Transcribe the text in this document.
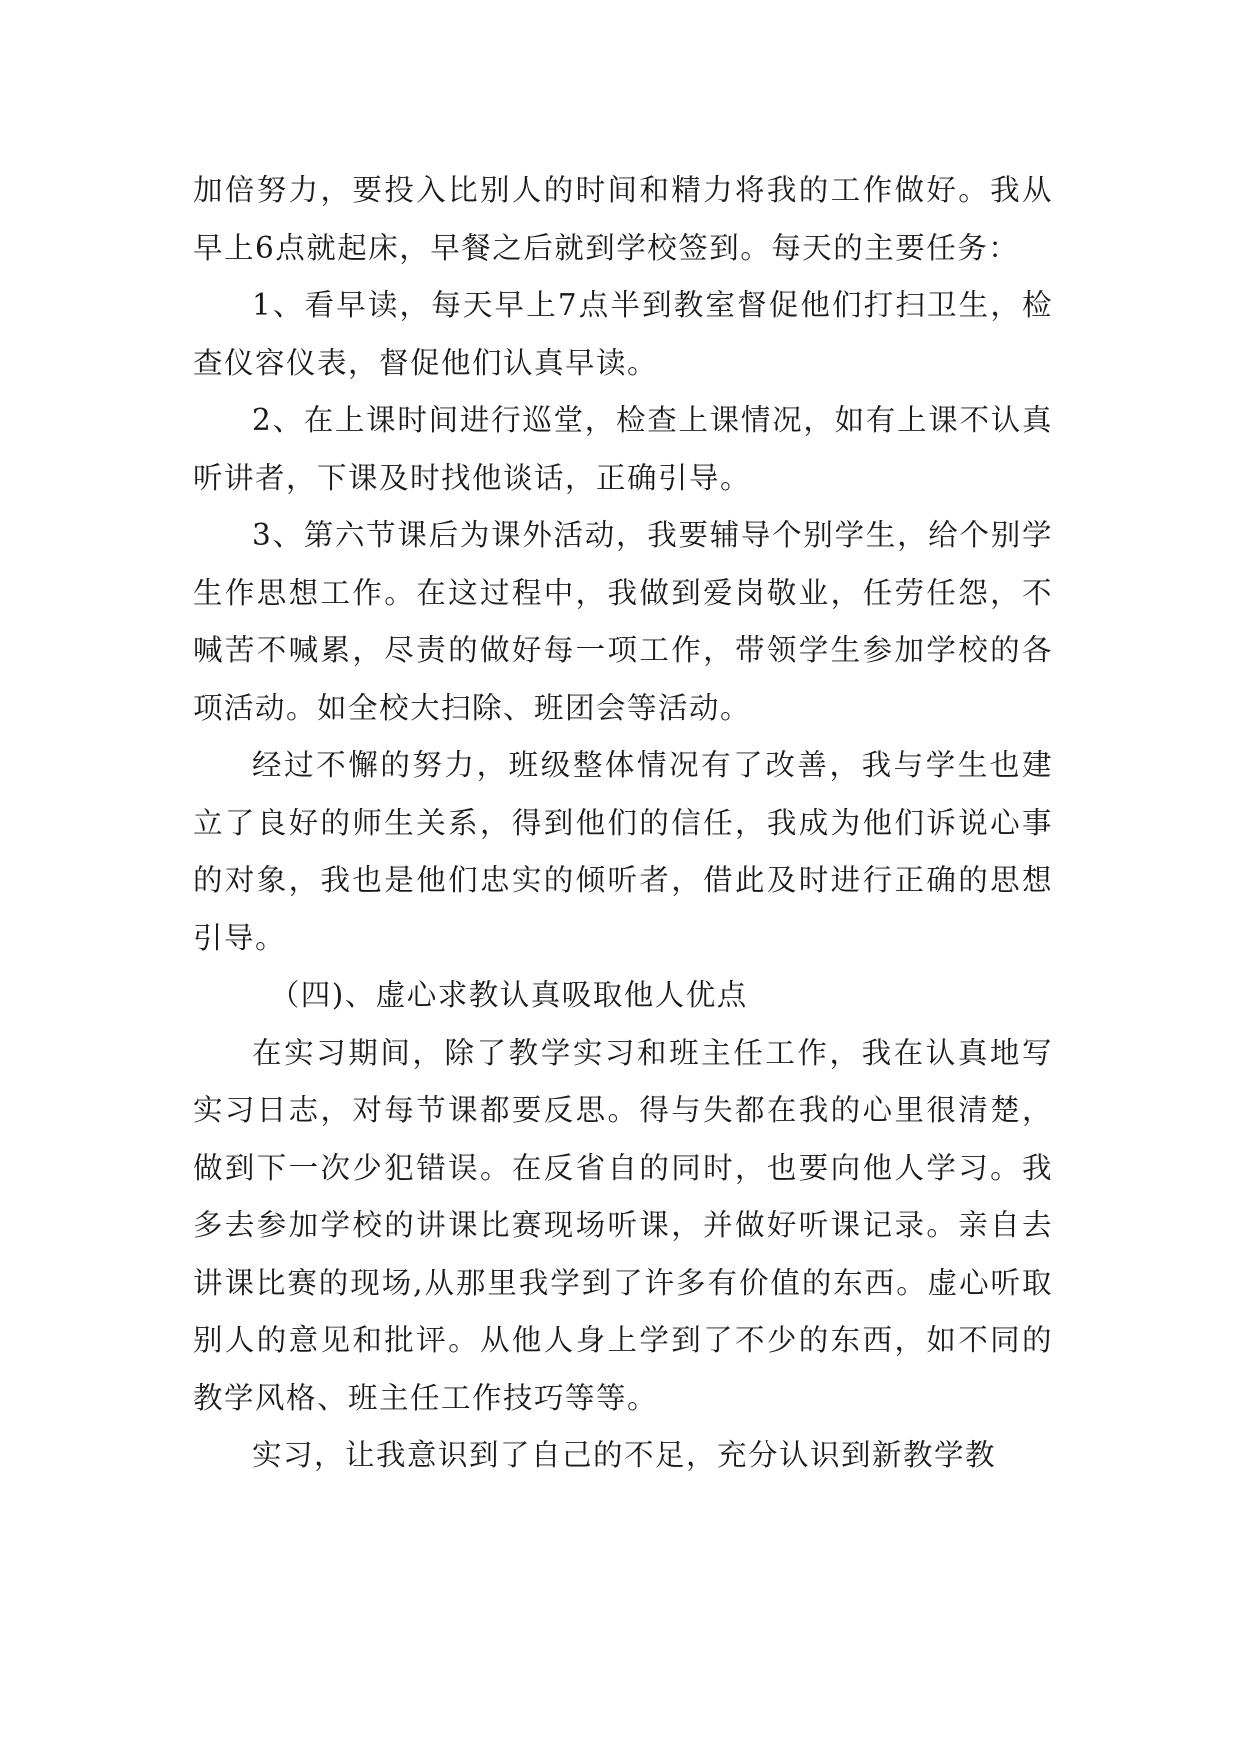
加倍努力，要投入比别人的时间和精力将我的工作做好。我从早上6点就起床，早餐之后就到学校签到。每天的主要任务：

1、看早读，每天早上7点半到教室督促他们打扫卫生，检查仪容仪表，督促他们认真早读。

2、在上课时间进行巡堂，检查上课情况，如有上课不认真听讲者，下课及时找他谈话，正确引导。

3、第六节课后为课外活动，我要辅导个别学生，给个别学生作思想工作。在这过程中，我做到爱岗敬业，任劳任怨，不喊苦不喊累，尽责的做好每一项工作，带领学生参加学校的各项活动。如全校大扫除、班团会等活动。

经过不懈的努力，班级整体情况有了改善，我与学生也建立了良好的师生关系，得到他们的信任，我成为他们诉说心事的对象，我也是他们忠实的倾听者，借此及时进行正确的思想引导。

（四)、虚心求教认真吸取他人优点

在实习期间，除了教学实习和班主任工作，我在认真地写实习日志，对每节课都要反思。得与失都在我的心里很清楚，做到下一次少犯错误。在反省自的同时，也要向他人学习。我多去参加学校的讲课比赛现场听课，并做好听课记录。亲自去讲课比赛的现场,从那里我学到了许多有价值的东西。虚心听取别人的意见和批评。从他人身上学到了不少的东西，如不同的教学风格、班主任工作技巧等等。

实习，让我意识到了自己的不足，充分认识到新教学教
